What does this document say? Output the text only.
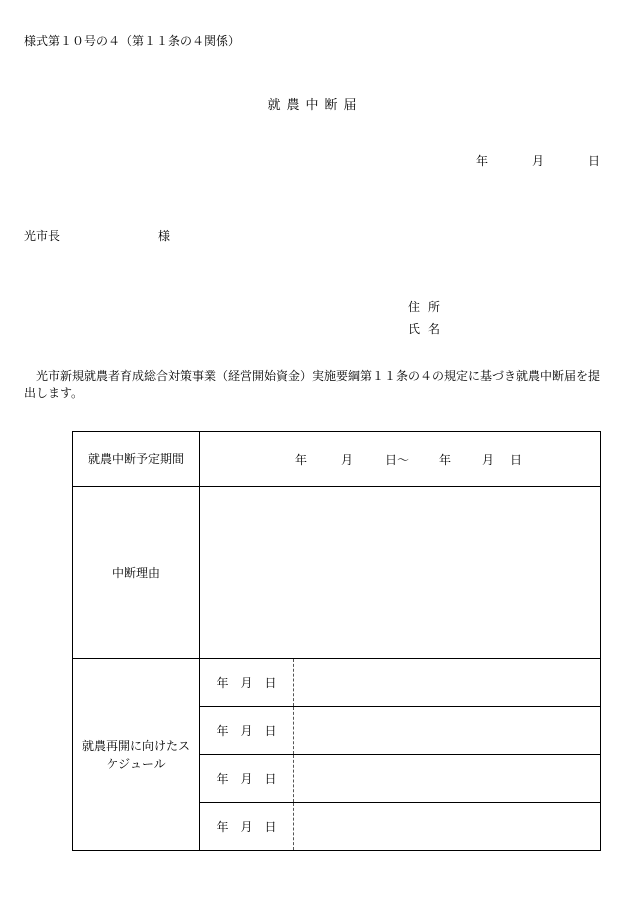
様式第１０号の４（第１１条の４関係）
就農中断届
年	月	日
光市長	様
住所
氏名
光市新規就農者育成総合対策事業（経営開始資金）実施要綱第１１条の４の規定に基づき就農中断届を提出します。
就農中断予定期間	年 月 日〜 年 月 日	
中断理由		

就農再開に向けたスケジュール	年 月 日	
	年 月 日	
	年 月 日	
	年 月 日	
